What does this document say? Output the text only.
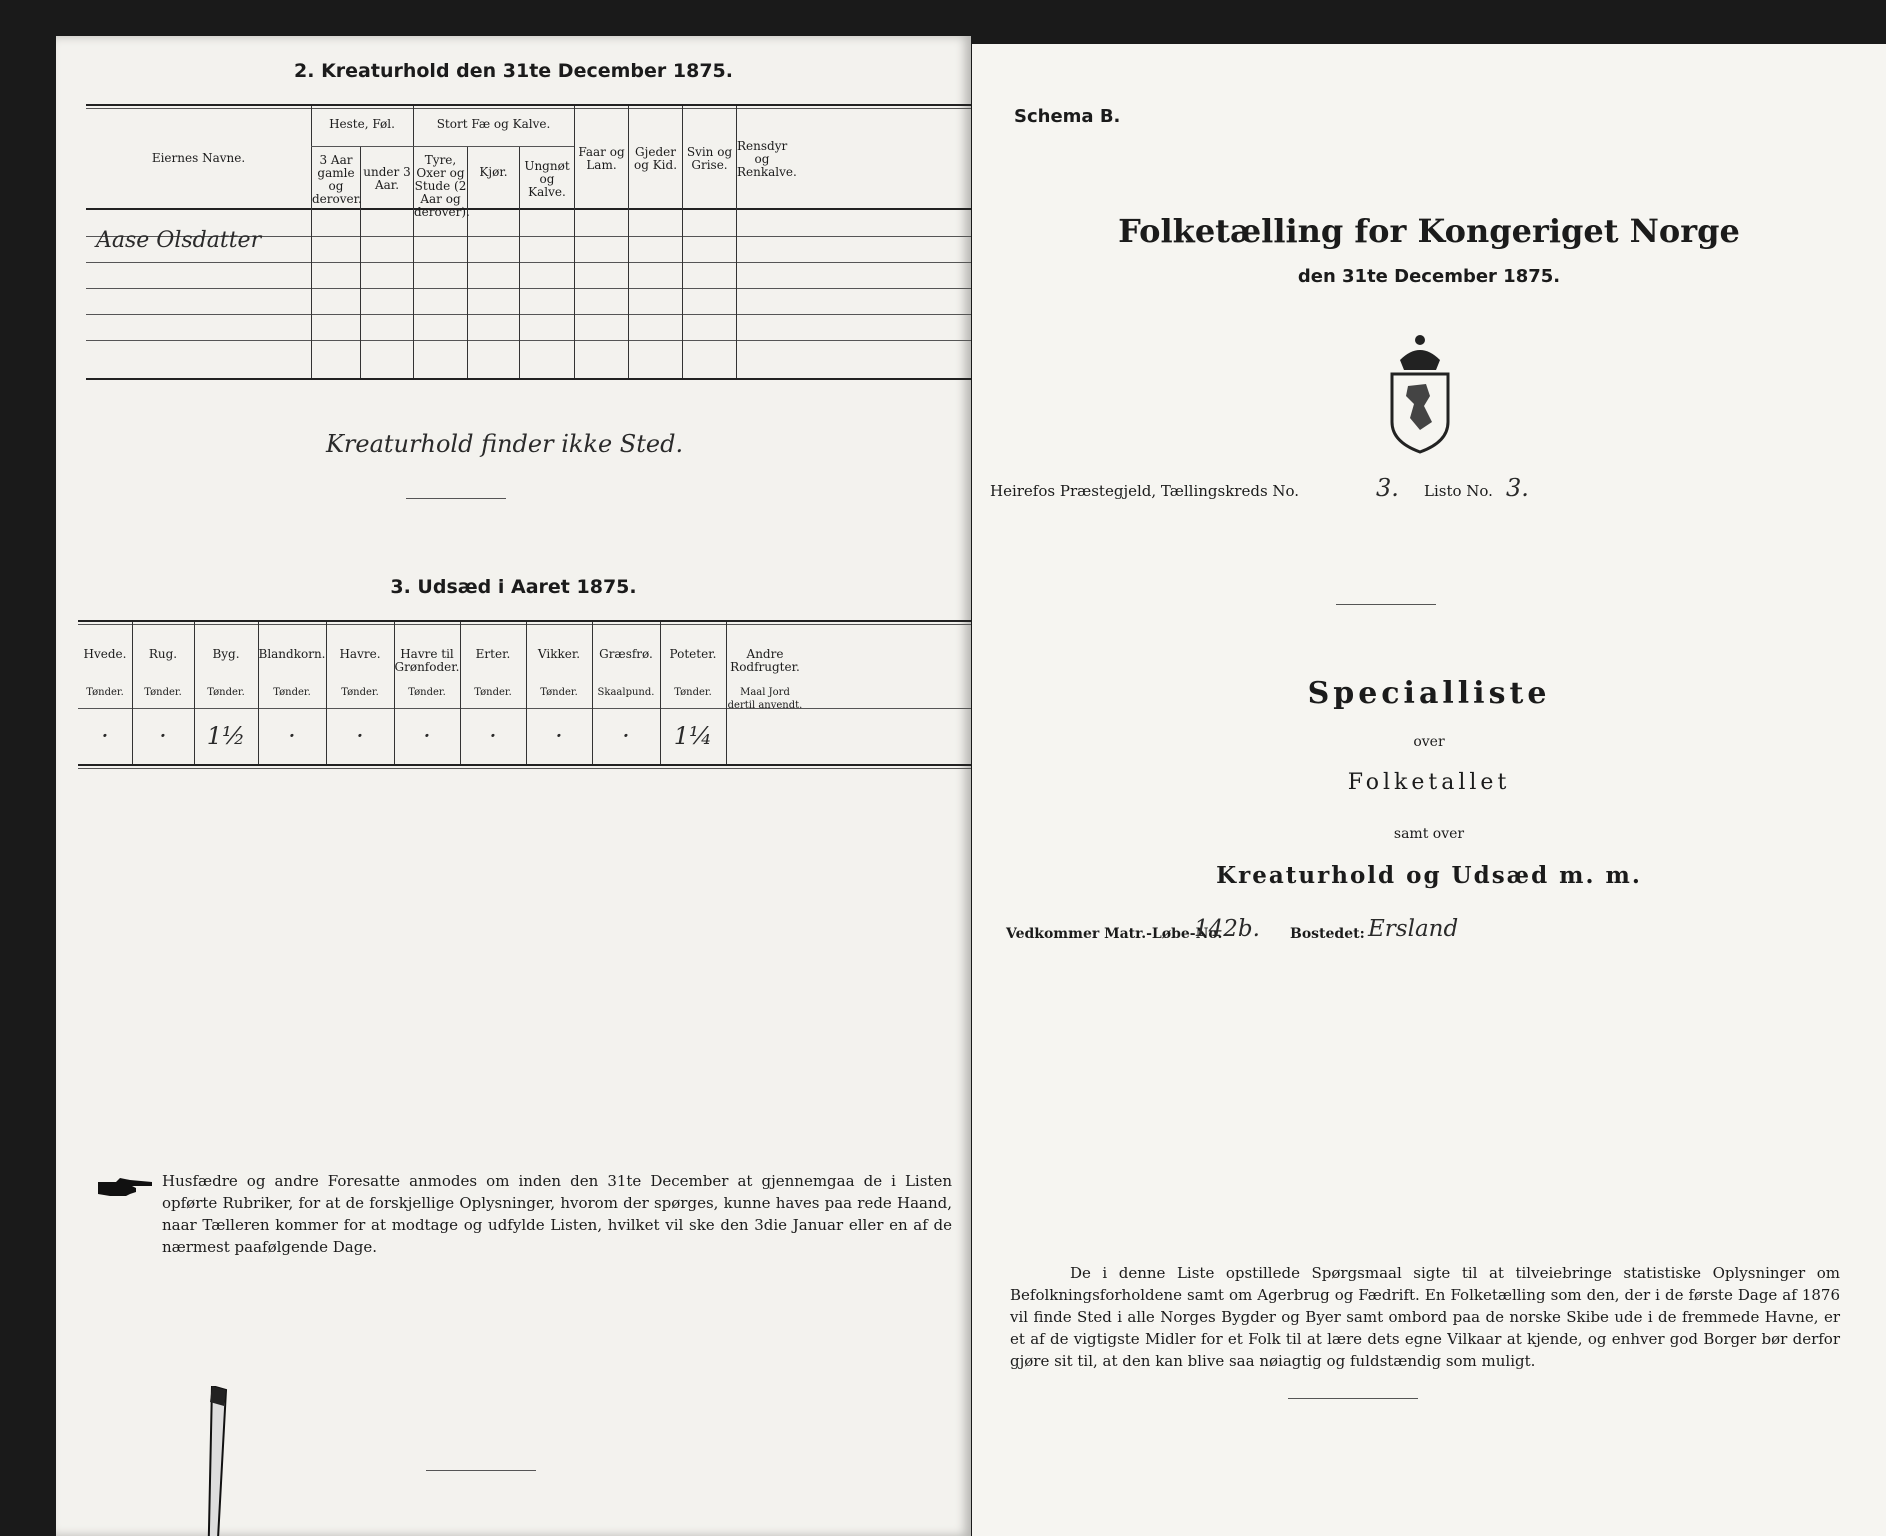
2. Kreaturhold den 31te December 1875.
Eiernes Navne.
Heste, Føl.
3 Aar gamle og derover.
under 3 Aar.
Stort Fæ og Kalve.
Tyre, Oxer og Stude (2 Aar og derover).
Kjør.	Ungnøt og Kalve.
Faar og Lam.
Gjeder og Kid.
Svin og Grise.
Rensdyr og Renkalve.
Aase Olsdatter
Kreaturhold finder ikke Sted.
3. Udsæd i Aaret 1875.
Husfædre og andre Foresatte anmodes om inden den 31te December at gjennemgaa de i Listen opførte Rubriker, for at de forskjellige Oplysninger, hvorom der spørges, kunne haves paa rede Haand, naar Tælleren kommer for at modtage og udfylde Listen, hvilket vil ske den 3die Januar eller en af de nærmest paafølgende Dage.
Hvede.
Tønder.
·
Rug.
Tønder.
·
Byg.
Tønder.
1½
Blandkorn.
Tønder.
·
Havre.
Tønder.
·
Havre til Grønfoder.
Tønder.
·
Erter.
Tønder.
·
Vikker.
Tønder.
·
Græsfrø.
Skaalpund.
·
Poteter.
Tønder.
1¼
Andre Rodfrugter.
Maal Jord dertil anvendt.
Schema B.
Folketælling for Kongeriget Norge
den 31te December 1875.
Heirefos Præstegjeld, Tællingskreds No.	3. Listo No. 3.
Specialliste
over
Folketallet
samt over
Kreaturhold og Udsæd m. m.
Vedkommer Matr.-Løbe-No.
142b. Bostedet: Ersland
De i denne Liste opstillede Spørgsmaal sigte til at tilveiebringe statistiske Oplysninger om Befolkningsforholdene samt om Agerbrug og Fædrift. En Folketælling som den, der i de første Dage af 1876 vil finde Sted i alle Norges Bygder og Byer samt ombord paa de norske Skibe ude i de fremmede Havne, er et af de vigtigste Midler for et Folk til at lære dets egne Vilkaar at kjende, og enhver god Borger bør derfor gjøre sit til, at den kan blive saa nøiagtig og fuldstændig som muligt.
